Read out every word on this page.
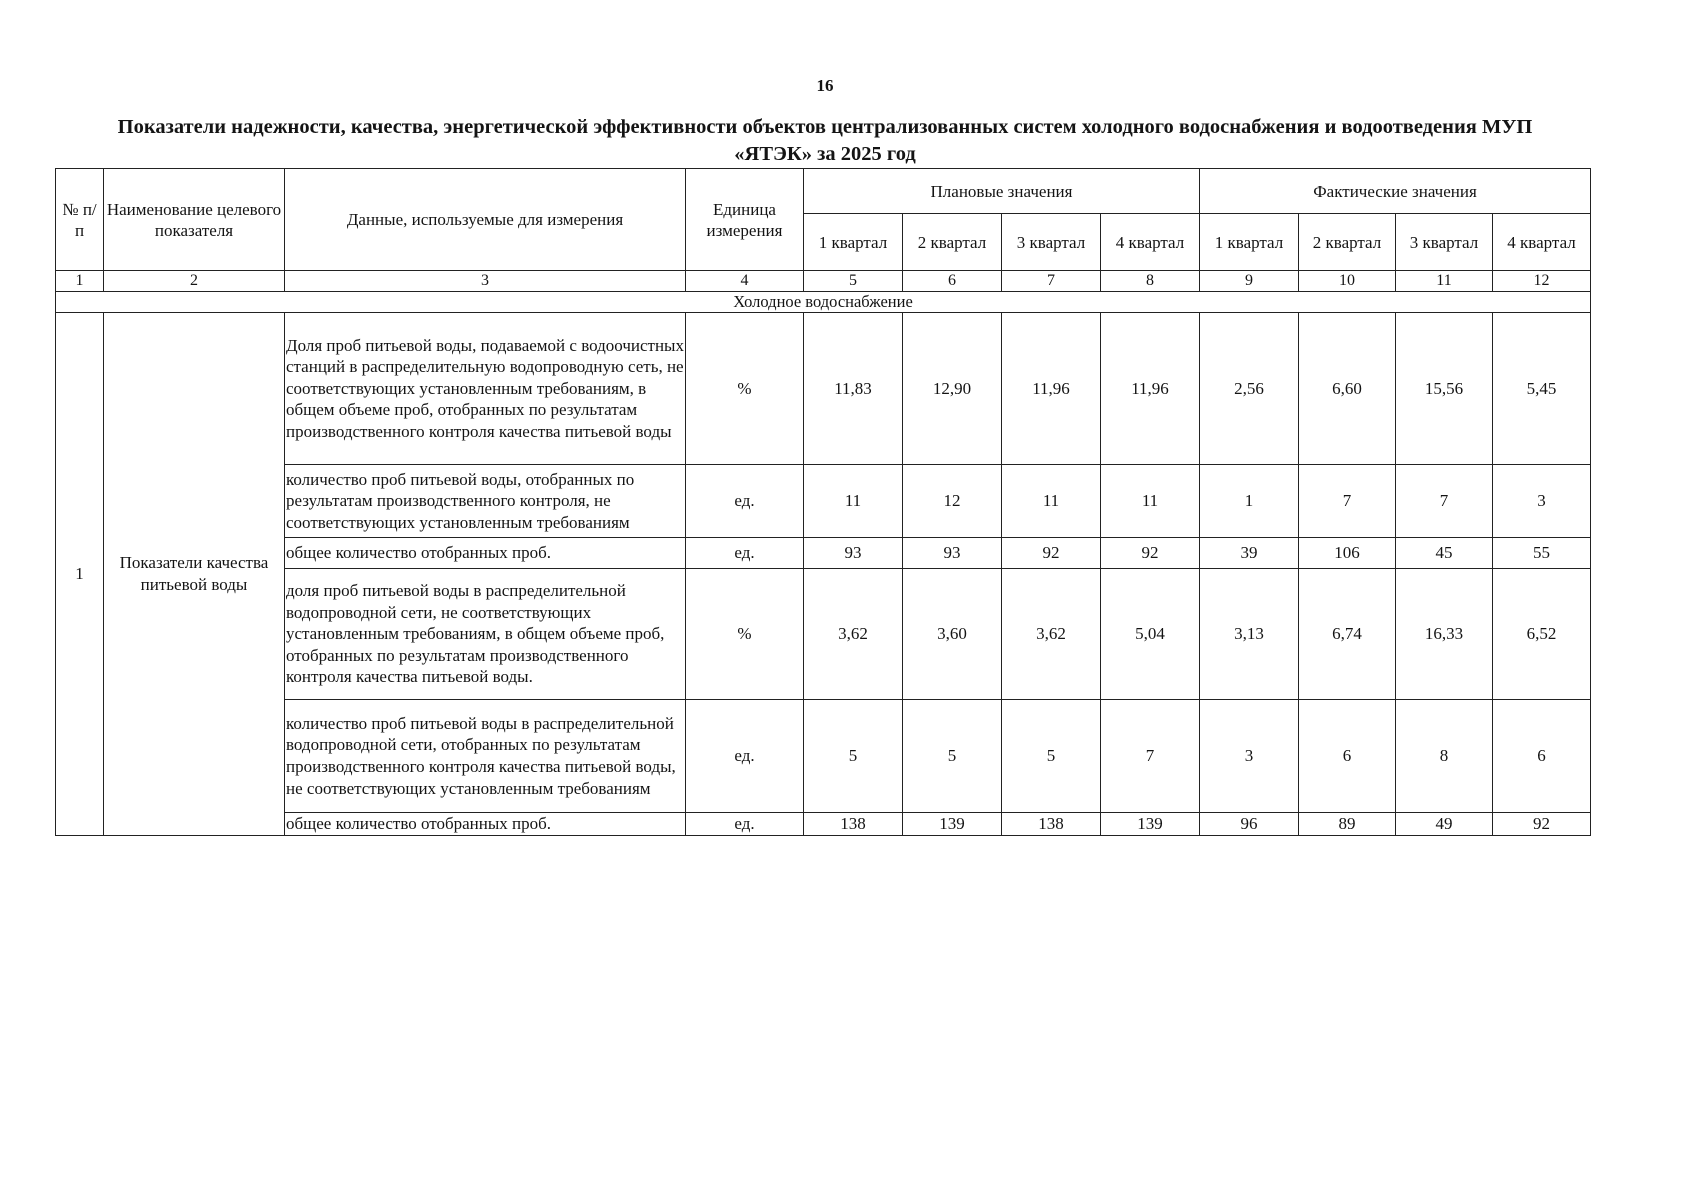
16
Показатели надежности, качества, энергетической эффективности объектов централизованных систем холодного водоснабжения и водоотведения МУП «ЯТЭК» за 2025 год
№ п/п	Наименование целевого показателя	Данные, используемые для измерения	Единица измерения	Плановые значения				Фактические значения			
				1 квартал	2 квартал	3 квартал	4 квартал	1 квартал	2 квартал	3 квартал	4 квартал
1	2	3	4	5	6	7	8	9	10	11	12
Холодное водоснабжение											
1	Показатели качества питьевой воды	Доля проб питьевой воды, подаваемой с водоочистных станций в распределительную водопроводную сеть, не соответствующих установленным требованиям, в общем объеме проб, отобранных по результатам производственного контроля качества питьевой воды	%	11,83	12,90	11,96	11,96	2,56	6,60	15,56	5,45
		количество проб питьевой воды, отобранных по результатам производственного контроля, не соответствующих установленным требованиям	ед.	11	12	11	11	1	7	7	3
		общее количество отобранных проб.	ед.	93	93	92	92	39	106	45	55
		доля проб питьевой воды в распределительной водопроводной сети, не соответствующих установленным требованиям, в общем объеме проб, отобранных по результатам производственного контроля качества питьевой воды.	%	3,62	3,60	3,62	5,04	3,13	6,74	16,33	6,52
		количество проб питьевой воды в распределительной водопроводной сети, отобранных по результатам производственного контроля качества питьевой воды, не соответствующих установленным требованиям	ед.	5	5	5	7	3	6	8	6
		общее количество отобранных проб.	ед.	138	139	138	139	96	89	49	92
